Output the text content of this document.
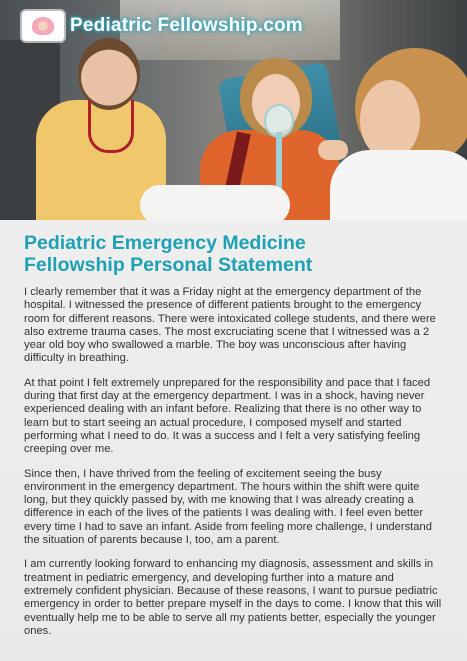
Pediatric Fellowship.com
Pediatric Emergency Medicine
Fellowship Personal Statement

I clearly remember that it was a Friday night at the emergency department of the hospital. I witnessed the presence of different patients brought to the emergency room for different reasons. There were intoxicated college students, and there were also extreme trauma cases. The most excruciating scene that I witnessed was a 2 year old boy who swallowed a marble. The boy was unconscious after having difficulty in breathing.

At that point I felt extremely unprepared for the responsibility and pace that I faced during that first day at the emergency department. I was in a shock, having never experienced dealing with an infant before. Realizing that there is no other way to learn but to start seeing an actual procedure, I composed myself and started performing what I need to do. It was a success and I felt a very satisfying feeling creeping over me.

Since then, I have thrived from the feeling of excitement seeing the busy environment in the emergency department. The hours within the shift were quite long, but they quickly passed by, with me knowing that I was already creating a difference in each of the lives of the patients I was dealing with. I feel even better every time I had to save an infant. Aside from feeling more challenge, I understand the situation of parents because I, too, am a parent.

I am currently looking forward to enhancing my diagnosis, assessment and skills in treatment in pediatric emergency, and developing further into a mature and extremely confident physician. Because of these reasons, I want to pursue pediatric emergency in order to better prepare myself in the days to come. I know that this will eventually help me to be able to serve all my patients better, especially the younger ones.
